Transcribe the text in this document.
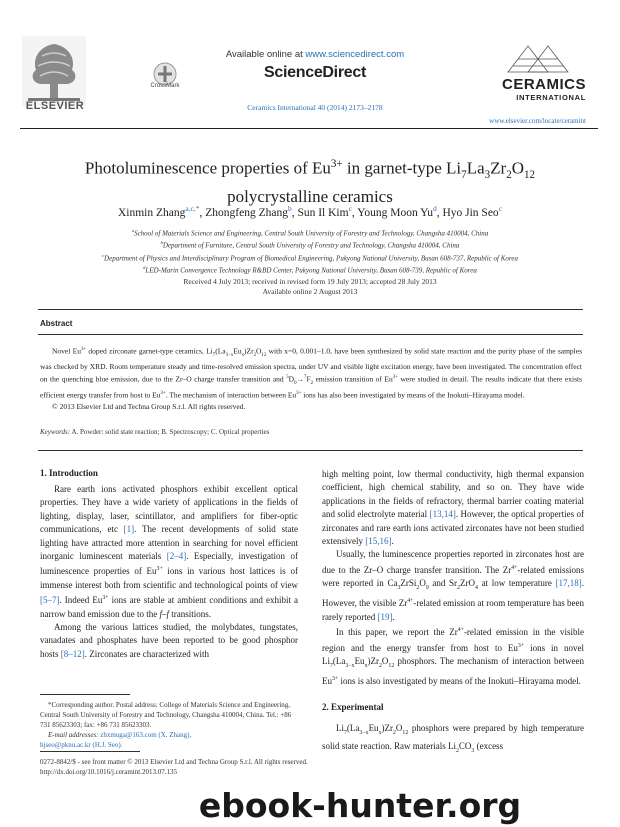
ELSEVIER
CrossMark
Available online at www.sciencedirect.com
ScienceDirect
Ceramics International 40 (2014) 2173–2178
CERAMICS
INTERNATIONAL
www.elsevier.com/locate/ceramint
Photoluminescence properties of $Eu^{3+}$ in garnet-type $Li_7La_3Zr_2O_{12}$
polycrystalline ceramics
Xinmin Zhang$^{a,c,*}$, Zhongfeng Zhang$^b$, Sun Il Kim$^c$, Young Moon Yu$^d$, Hyo Jin Seo$^c$
$^a$School of Materials Science and Engineering, Central South University of Forestry and Technology, Changsha 410004, China
$^b$Department of Furniture, Central South University of Forestry and Technology, Changsha 410004, China
$^c$Department of Physics and Interdisciplinary Program of Biomedical Engineering, Pukyong National University, Busan 608-737, Republic of Korea
$^d$LED-Marin Convergence Technology R&BD Center, Pukyong National University, Busan 608-739, Republic of Korea
Received 4 July 2013; received in revised form 19 July 2013; accepted 28 July 2013
Available online 2 August 2013
Abstract

Novel $Eu^{3+}$ doped zirconate garnet-type ceramics, $Li_7(La_{3-x}Eu_x)Zr_2O_{12}$ with x=0, 0.001–1.0, have been synthesized by solid state reaction and the purity phase of the samples was checked by XRD. Room temperature steady and time-resolved emission spectra, under UV and visible light excitation energy, have been investigated. The concentration effect on the quenching blue emission, due to the Zr–O charge transfer transition and $^5D_0\to^7F_2$ emission transition of $Eu^{3+}$ were studied in detail. The results indicate that there exists efficient energy transfer from host to $Eu^{3+}$. The mechanism of interaction between $Eu^{3+}$ ions has also been investigated by means of the Inokuti–Hirayama model.

© 2013 Elsevier Ltd and Techna Group S.r.l. All rights reserved.

Keywords: A. Powder: solid state reaction; B. Spectroscopy; C. Optical properties
1. Introduction

Rare earth ions activated phosphors exhibit excellent optical properties. They have a wide variety of applications in the fields of lighting, display, laser, scintillator, and amplifiers for fiber-optic communications, etc [1]. The recent developments of solid state lighting have attracted more attention in searching for novel efficient inorganic luminescent materials [2–4]. Especially, investigation of luminescence properties of $Eu^{3+}$ ions in various host lattices is of immense interest both from scientific and technological points of view [5–7]. Indeed $Eu^{3+}$ ions are stable at ambient conditions and exhibit a narrow band emission due to the f–f transitions.

Among the various lattices studied, the molybdates, tungstates, vanadates and phosphates have been reported to be good phosphor hosts [8–12]. Zirconates are characterized with

*Corresponding author. Postal address: College of Materials Science and Engineering, Central South University of Forestry and Technology, Changsha 410004, China. Tel.: +86 731 85623303; fax: +86 731 85623303.

E-mail addresses: zhxmuga@163.com (X. Zhang),

hjseo@pknu.ac.kr (H.J. Seo).

high melting point, low thermal conductivity, high thermal expansion coefficient, high chemical stability, and so on. They have wide applications in the fields of refractory, thermal barrier coating material and solid electrolyte material [13,14]. However, the optical properties of zirconates and rare earth ions activated zirconates have not been studied extensively [15,16].

Usually, the luminescence properties reported in zirconates host are due to the Zr–O charge transfer transition. The $Zr^{4+}$-related emissions were reported in $Ca_3ZrSi_2O_9$ and $Sr_2ZrO_4$ at low temperature [17,18]. However, the visible $Zr^{4+}$-related emission at room temperature has been rarely reported [19].

In this paper, we report the $Zr^{4+}$-related emission in the visible region and the energy transfer from host to $Eu^{3+}$ ions in novel $Li_7(La_{3-x}Eu_x)Zr_2O_{12}$ phosphors. The mechanism of interaction between $Eu^{3+}$ ions is also investigated by means of the Inokuti–Hirayama model.

2. Experimental

$Li_7(La_{3-x}Eu_x)Zr_2O_{12}$ phosphors were prepared by high temperature solid state reaction. Raw materials $Li_2CO_3$ (excess

0272-8842/$ - see front matter © 2013 Elsevier Ltd and Techna Group S.r.l. All rights reserved.
http://dx.doi.org/10.1016/j.ceramint.2013.07.135
ebook-hunter.org
